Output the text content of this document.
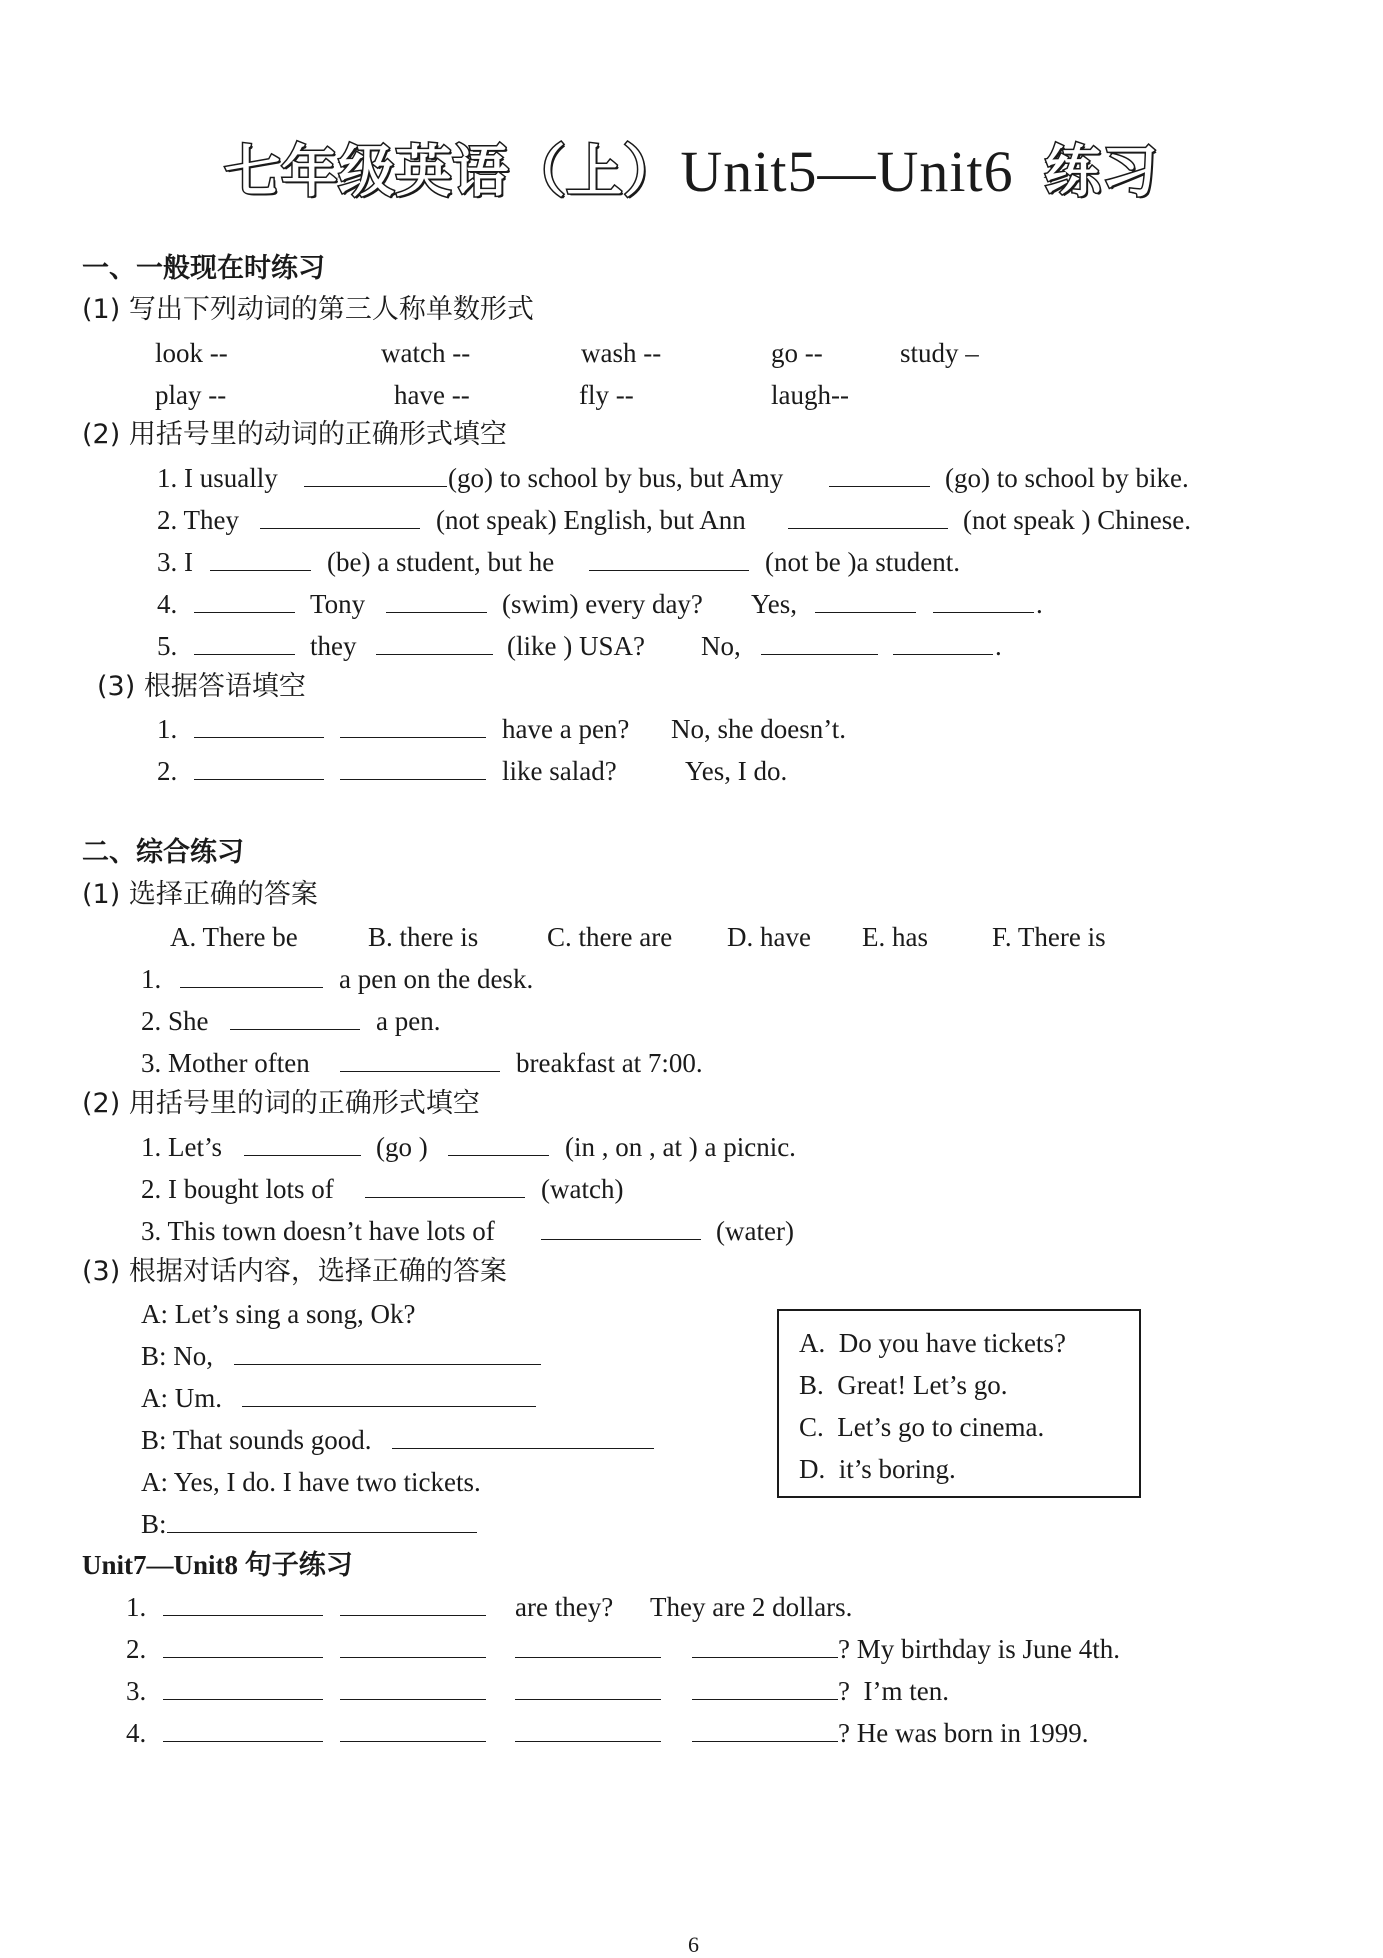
七年级英语（上）Unit5—Unit6 练习
一、一般现在时练习
(1) 写出下列动词的第三人称单数形式
look --	watch --	wash --	go --	study –
play --	have --	fly --	laugh--
(2) 用括号里的动词的正确形式填空
1. I usually	(go) to school by bus, but Amy	(go) to school by bike.
2. They	(not speak) English, but Ann	(not speak ) Chinese.
3. I	(be) a student, but he	(not be )a student.
4.	Tony	(swim) every day? Yes,	.
5.	they	(like ) USA? No,	.
(3) 根据答语填空
1.	have a pen? No, she doesn’t.
2.	like salad?	Yes, I do.
二、综合练习
(1) 选择正确的答案
A. There be	B. there is	C. there are D. have E. has F. There is
1.	a pen on the desk.
2. She	a pen.
3. Mother often	breakfast at 7:00.
(2) 用括号里的词的正确形式填空
1. Let’s	(go )	(in , on , at ) a picnic.
2. I bought lots of	(watch)
3. This town doesn’t have lots of	(water)
(3) 根据对话内容，选择正确的答案
A: Let’s sing a song, Ok?
B: No,
A: Um.
B: That sounds good.
A: Yes, I do. I have two tickets.
B:
A.  Do you have tickets?
B.  Great! Let’s go.
C.  Let’s go to cinema.
D.  it’s boring.
Unit7—Unit8 句子练习
1.	are they? They are 2 dollars.
2.	? My birthday is June 4th.
3.	?  I’m ten.
4.	? He was born in 1999.
6
